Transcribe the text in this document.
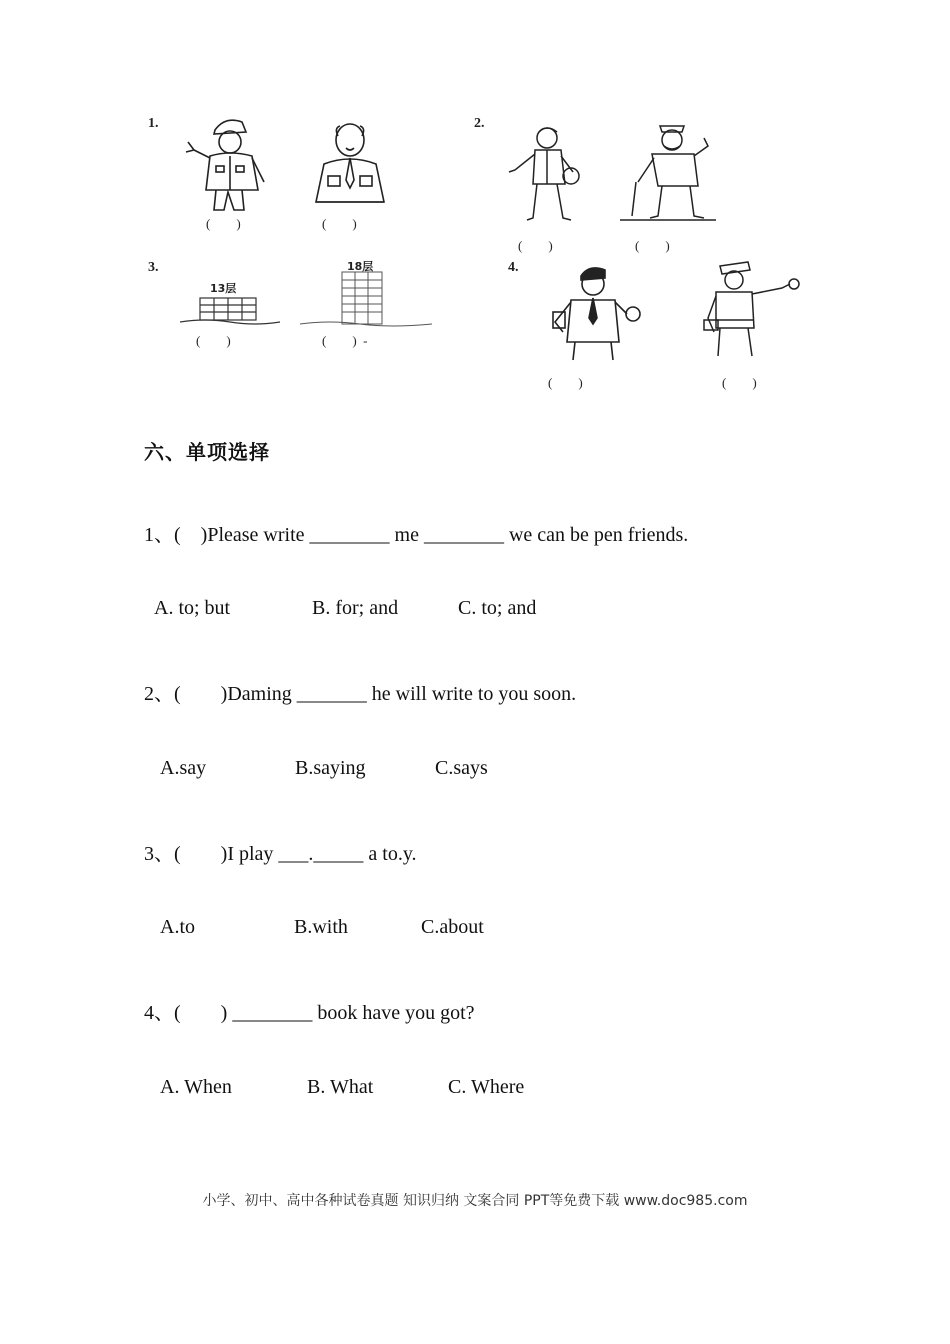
1.
(        )	(        )
2.
(        )	(        )
3.
13层
18层
(        )	(        )  -
4.
(        )	(        )
六、单项选择
1、(    )Please write ________ me ________ we can be pen friends.
A. to; but	B. for; and	C. to; and
2、(        )Daming _______ he will write to you soon.
A.say	B.saying	C.says
3、(        )I play ___._____ a to.y.
A.to	B.with	C.about
4、(        ) ________ book have you got?
A. When	B. What	C. Where
小学、初中、高中各种试卷真题 知识归纳 文案合同 PPT等免费下载 www.doc985.com
